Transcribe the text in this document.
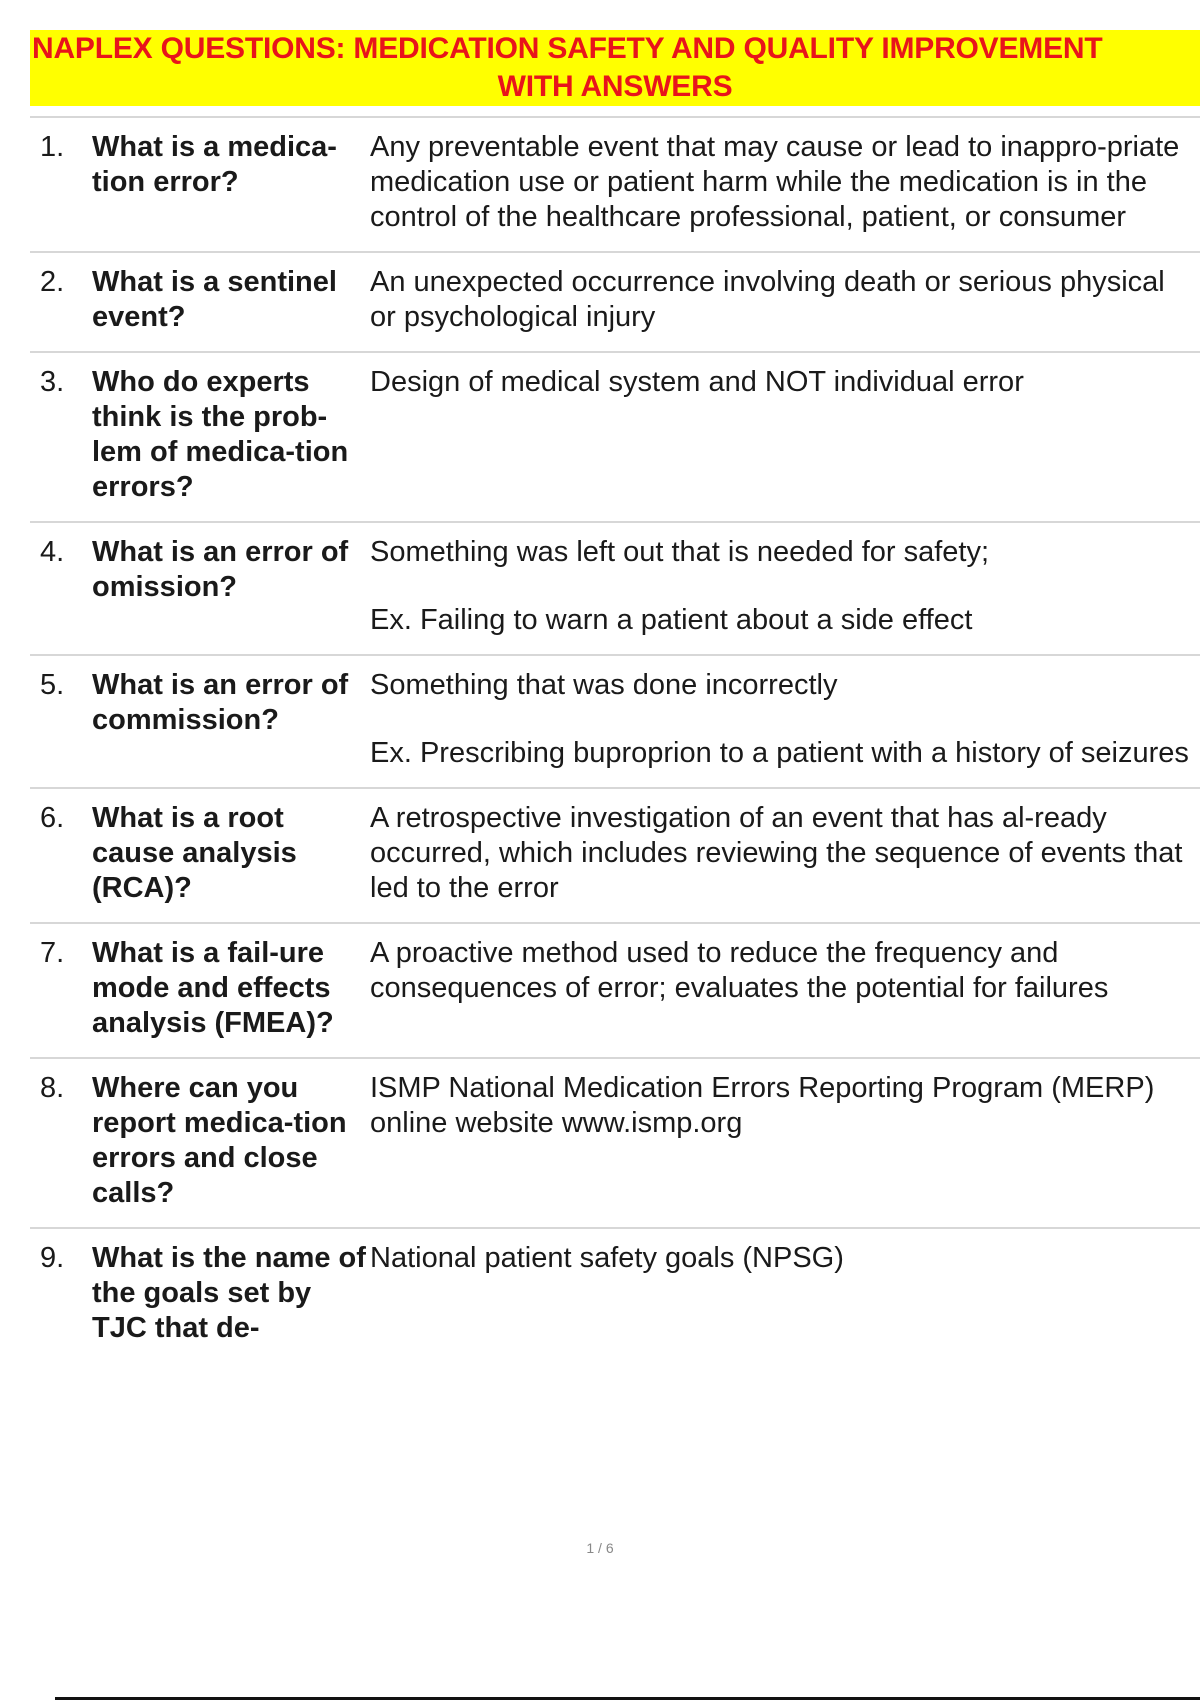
NAPLEX QUESTIONS: MEDICATION SAFETY AND QUALITY IMPROVEMENT
WITH ANSWERS
1. What is a medica-tion error?
Any preventable event that may cause or lead to inappro-priate medication use or patient harm while the medication is in the control of the healthcare professional, patient, or consumer
2. What is a sentinel event?
An unexpected occurrence involving death or serious physical or psychological injury
3. Who do experts think is the prob-lem of medica-tion errors?
Design of medical system and NOT individual error
4. What is an error of omission?
Something was left out that is needed for safety;
Ex. Failing to warn a patient about a side effect
5. What is an error of commission?
Something that was done incorrectly
Ex. Prescribing buproprion to a patient with a history of seizures
6. What is a root cause analysis (RCA)?
A retrospective investigation of an event that has al-ready occurred, which includes reviewing the sequence of events that led to the error
7. What is a fail-ure mode and effects analysis (FMEA)?
A proactive method used to reduce the frequency and consequences of error; evaluates the potential for failures
8. Where can you report medica-tion errors and close calls?
ISMP National Medication Errors Reporting Program (MERP) online website www.ismp.org
9. What is the name of the goals set by TJC that de-
National patient safety goals (NPSG)
1 / 6
